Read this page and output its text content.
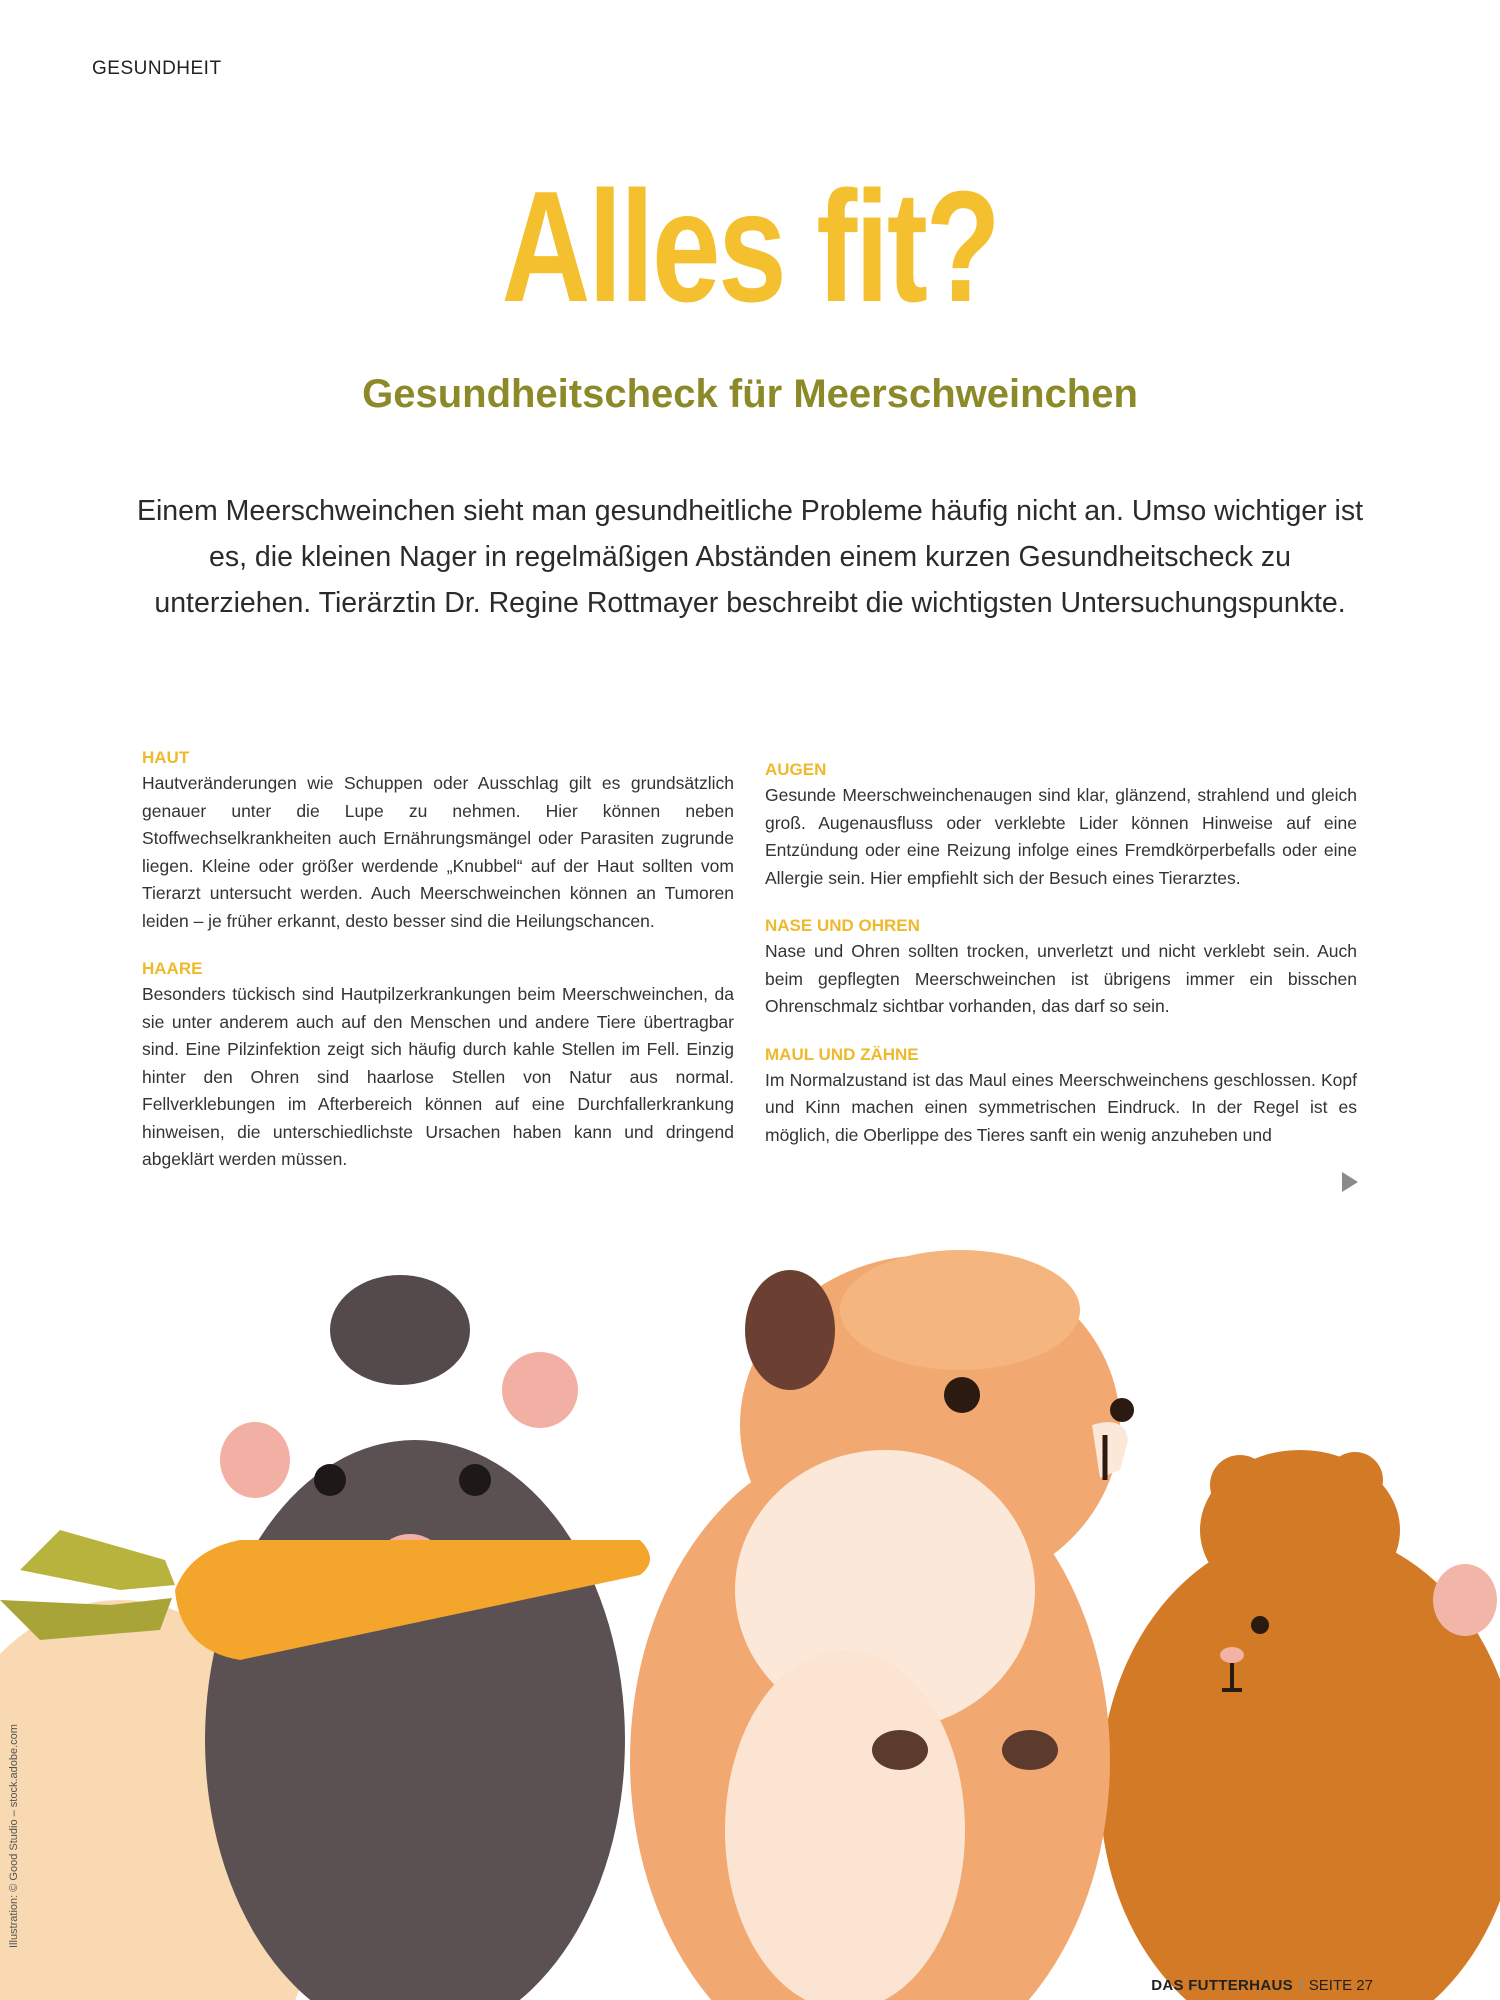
GESUNDHEIT
Alles fit?
Gesundheitscheck für Meerschweinchen
Einem Meerschweinchen sieht man gesundheitliche Probleme häufig nicht an. Umso wichtiger ist es, die kleinen Nager in regelmäßigen Abständen einem kurzen Gesundheitscheck zu unterziehen. Tierärztin Dr. Regine Rottmayer beschreibt die wichtigsten Untersuchungspunkte.
HAUT

Hautveränderungen wie Schuppen oder Ausschlag gilt es grundsätzlich genauer unter die Lupe zu nehmen. Hier können neben Stoffwechselkrankheiten auch Ernährungsmängel oder Parasiten zugrunde liegen. Kleine oder größer werdende „Knubbel“ auf der Haut sollten vom Tierarzt untersucht werden. Auch Meerschweinchen können an Tumoren leiden – je früher erkannt, desto besser sind die Heilungschancen.

HAARE

Besonders tückisch sind Hautpilzerkrankungen beim Meerschweinchen, da sie unter anderem auch auf den Menschen und andere Tiere übertragbar sind. Eine Pilzinfektion zeigt sich häufig durch kahle Stellen im Fell. Einzig hinter den Ohren sind haarlose Stellen von Natur aus normal. Fellverklebungen im Afterbereich können auf eine Durchfallerkrankung hinweisen, die unterschiedlichste Ursachen haben kann und dringend abgeklärt werden müssen.

AUGEN

Gesunde Meerschweinchenaugen sind klar, glänzend, strahlend und gleich groß. Augenausfluss oder verklebte Lider können Hinweise auf eine Entzündung oder eine Reizung infolge eines Fremdkörperbefalls oder eine Allergie sein. Hier empfiehlt sich der Besuch eines Tierarztes.

NASE UND OHREN

Nase und Ohren sollten trocken, unverletzt und nicht verklebt sein. Auch beim gepflegten Meerschweinchen ist übrigens immer ein bisschen Ohrenschmalz sichtbar vorhanden, das darf so sein.

MAUL UND ZÄHNE

Im Normalzustand ist das Maul eines Meerschweinchens geschlossen. Kopf und Kinn machen einen symmetrischen Eindruck. In der Regel ist es möglich, die Oberlippe des Tieres sanft ein wenig anzuheben und

Illustration: © Good Studio – stock.adobe.com
DAS FUTTERHAUS | SEITE 27
